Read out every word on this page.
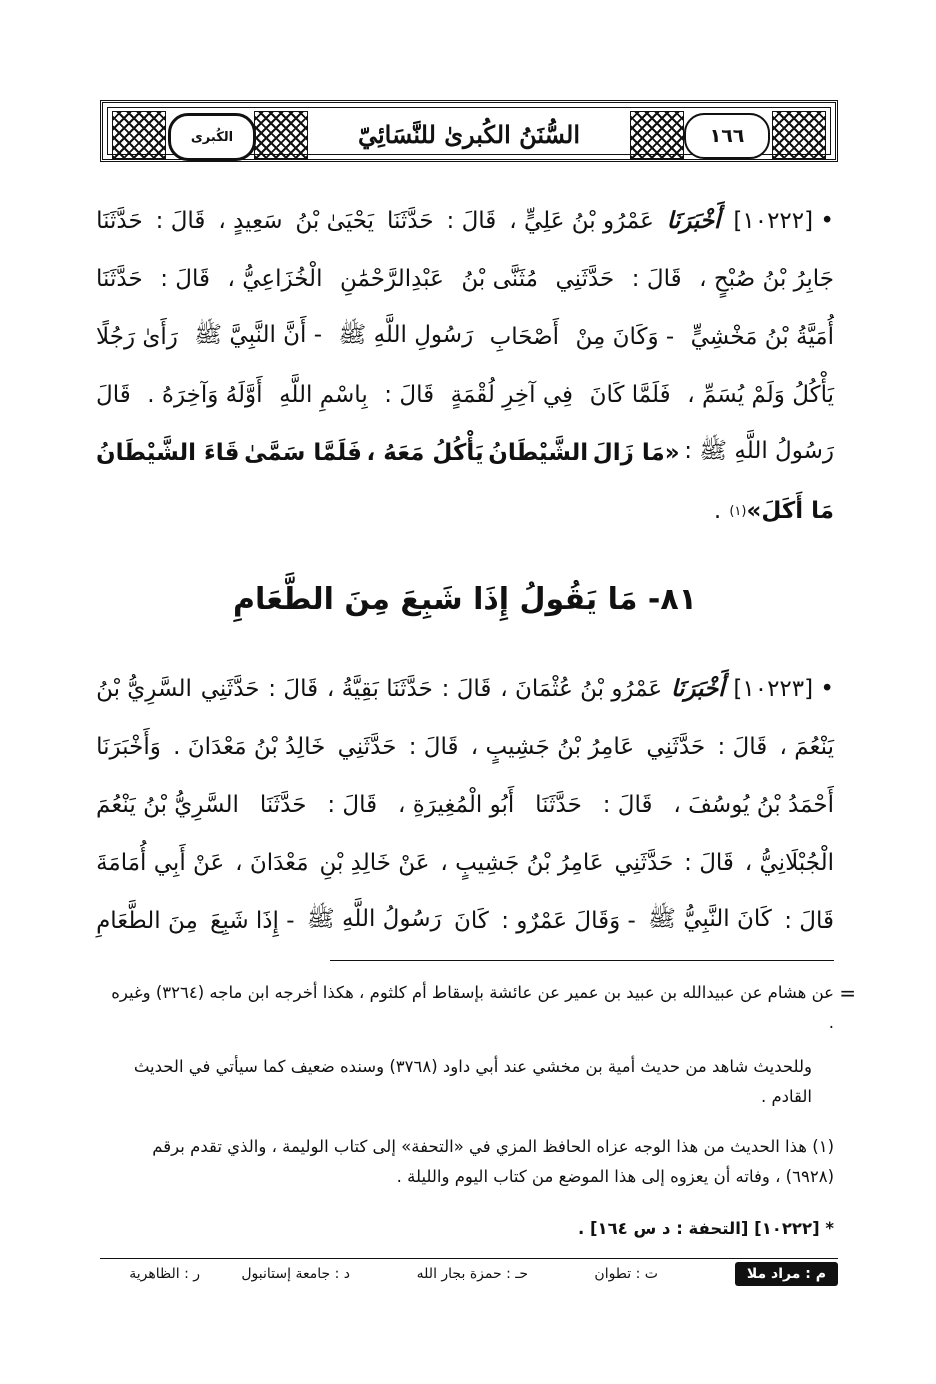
الكُبرى	السُّنَنُ الكُبرىٰ للنَّسَائِيّ	١٦٦
• [١٠٢٢٢]
أَخْبَرَنَا
عَمْرُو بْنُ عَلِيٍّ ،
قَالَ :
حَدَّثَنَا
يَحْيَىٰ بْنُ
سَعِيدٍ ،
قَالَ :
حَدَّثَنَا
جَابِرُ بْنُ صُبْحٍ ،
قَالَ :
حَدَّثَنِي
مُثَنَّى بْنُ
عَبْدِالرَّحْمَٰنِ
الْخُزَاعِيُّ ،
قَالَ :
حَدَّثَنَا
أُمَيَّةُ بْنُ مَخْشِيٍّ
- وَكَانَ مِنْ
أَصْحَابِ
رَسُولِ اللَّهِ ﷺ
- أَنَّ النَّبِيَّ ﷺ
رَأَىٰ رَجُلًا
يَأْكُلُ وَلَمْ يُسَمِّ ،
فَلَمَّا كَانَ
فِي آخِرِ لُقْمَةٍ
قَالَ :
بِاسْمِ اللَّهِ
أَوَّلَهُ وَآخِرَهُ .
قَالَ
رَسُولُ اللَّهِ ﷺ :
«مَا زَالَ
الشَّيْطَانُ
يَأْكُلُ مَعَهُ ،
فَلَمَّا سَمَّىٰ
قَاءَ الشَّيْطَانُ
مَا أَكَلَ»
(١)
.
٨١- مَا يَقُولُ إِذَا شَبِعَ مِنَ الطَّعَامِ
• [١٠٢٢٣]
أَخْبَرَنَا
عَمْرُو بْنُ عُثْمَانَ ،
قَالَ :
حَدَّثَنَا بَقِيَّةُ ،
قَالَ :
حَدَّثَنِي
السَّرِيُّ بْنُ
يَنْعُمَ ،
قَالَ :
حَدَّثَنِي
عَامِرُ بْنُ جَشِيبٍ ،
قَالَ :
حَدَّثَنِي
خَالِدُ بْنُ مَعْدَانَ .
وَأَخْبَرَنَا
أَحْمَدُ بْنُ يُوسُفَ ،
قَالَ :
حَدَّثَنَا
أَبُو الْمُغِيرَةِ ،
قَالَ :
حَدَّثَنَا
السَّرِيُّ بْنُ يَنْعُمَ
الْجُبْلَانِيُّ ،
قَالَ :
حَدَّثَنِي
عَامِرُ بْنُ جَشِيبٍ ،
عَنْ خَالِدِ بْنِ
مَعْدَانَ ،
عَنْ أَبِي أُمَامَةَ
قَالَ :
كَانَ النَّبِيُّ ﷺ
- وَقَالَ عَمْرٌو :
كَانَ
رَسُولُ اللَّهِ ﷺ
- إِذَا شَبِعَ
مِنَ الطَّعَامِ
=

عن هشام عن عبيدالله بن عبيد بن عمير عن عائشة بإسقاط أم كلثوم ، هكذا أخرجه ابن ماجه (٣٢٦٤) وغيره .

وللحديث شاهد من حديث أمية بن مخشي عند أبي داود (٣٧٦٨) وسنده ضعيف كما سيأتي في الحديث القادم .

(١) هذا الحديث من هذا الوجه عزاه الحافظ المزي في «التحفة» إلى كتاب الوليمة ، والذي تقدم برقم (٦٩٢٨) ، وفاته أن يعزوه إلى هذا الموضع من كتاب اليوم والليلة .

* [١٠٢٢٢] [التحفة : د س ١٦٤] .

م : مراد ملا
ت : تطوان
حـ : حمزة بجار الله
د : جامعة إستانبول
ر : الظاهرية
